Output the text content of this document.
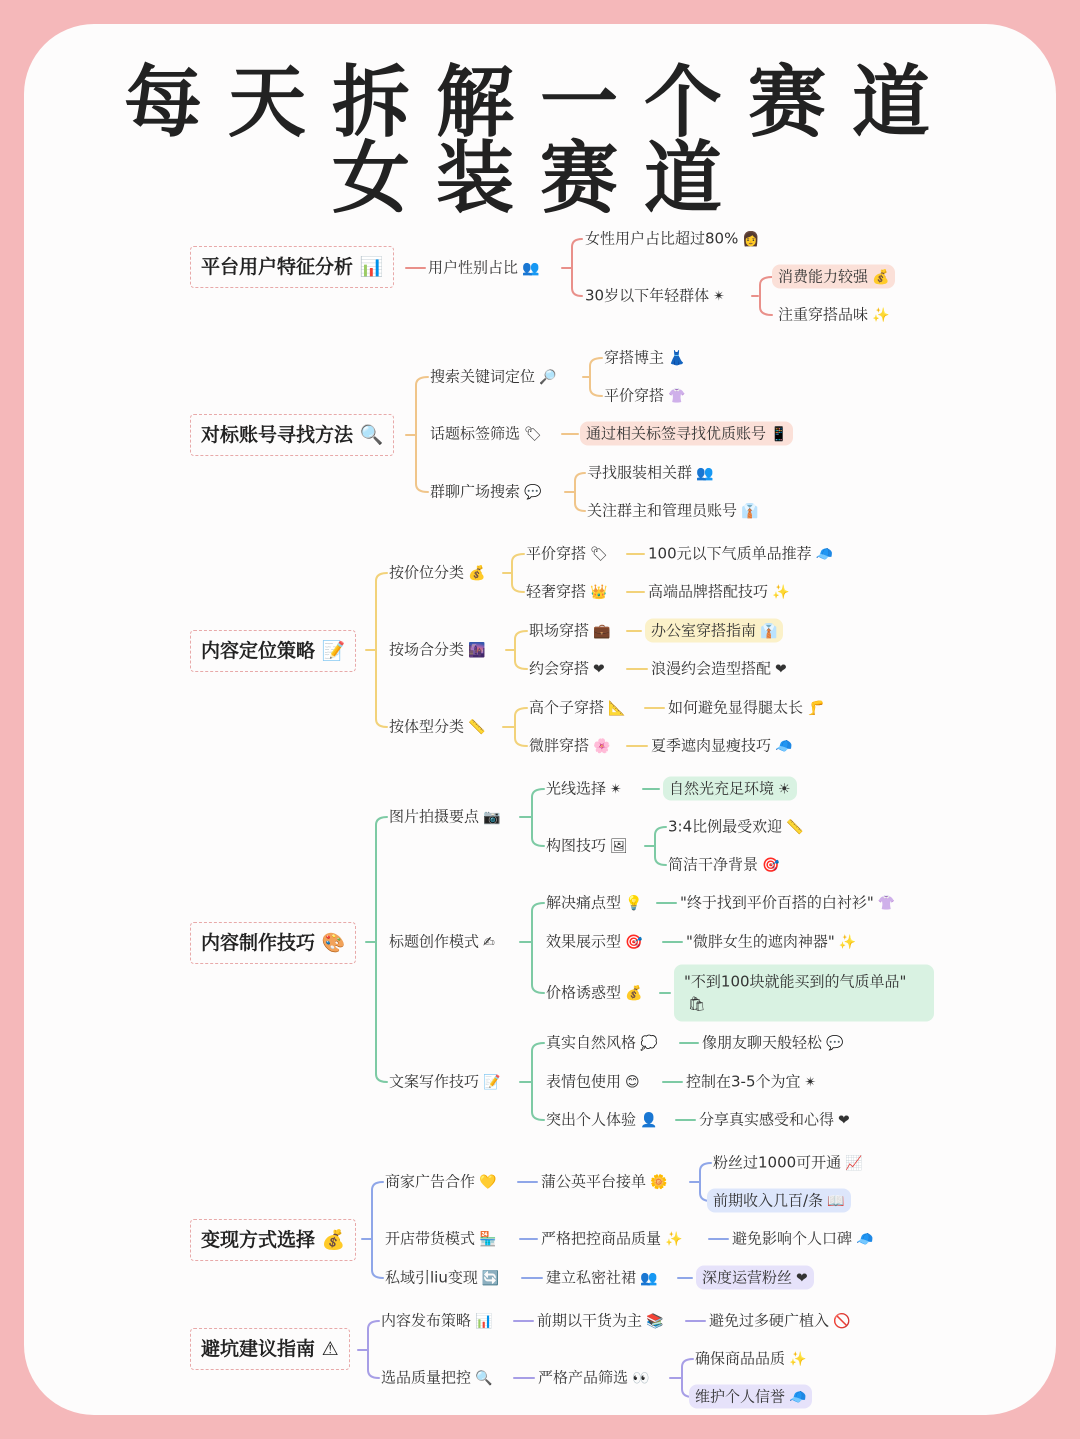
每天拆解一个赛道
女装赛道
平台用户特征分析 📊
对标账号寻找方法 🔍
内容定位策略 📝
内容制作技巧 🎨
变现方式选择 💰
避坑建议指南 ⚠
用户性别占比 👥
女性用户占比超过80% 👩
30岁以下年轻群体 ✴
消费能力较强 💰
注重穿搭品味 ✨
搜索关键词定位 🔎
穿搭博主 👗
平价穿搭 👚
话题标签筛选 🏷	通过相关标签寻找优质账号 📱
群聊广场搜索 💬
寻找服装相关群 👥
关注群主和管理员账号 👔
按价位分类 💰
平价穿搭 🏷	100元以下气质单品推荐 🧢
轻奢穿搭 👑	高端品牌搭配技巧 ✨
按场合分类 🌆
职场穿搭 💼	办公室穿搭指南 👔
约会穿搭 ❤	浪漫约会造型搭配 ❤
按体型分类 📏
高个子穿搭 📐	如何避免显得腿太长 🦵
微胖穿搭 🌸	夏季遮肉显瘦技巧 🧢
图片拍摄要点 📷
光线选择 ✴	自然光充足环境 ☀
构图技巧 🖼
3:4比例最受欢迎 📏
简洁干净背景 🎯
标题创作模式 ✍
解决痛点型 💡	"终于找到平价百搭的白衬衫" 👚
效果展示型 🎯	"微胖女生的遮肉神器" ✨
价格诱惑型 💰
"不到100块就能买到的气质单品"
🛍
文案写作技巧 📝
真实自然风格 💭	像朋友聊天般轻松 💬
表情包使用 😊	控制在3-5个为宜 ✴
突出个人体验 👤	分享真实感受和心得 ❤
商家广告合作 💛	蒲公英平台接单 🌼
粉丝过1000可开通 📈
前期收入几百/条 📖
开店带货模式 🏪	严格把控商品质量 ✨	避免影响个人口碑 🧢
私域引liu变现 🔄	建立私密社裙 👥	深度运营粉丝 ❤
内容发布策略 📊	前期以干货为主 📚	避免过多硬广植入 🚫
选品质量把控 🔍	严格产品筛选 👀
确保商品品质 ✨
维护个人信誉 🧢
